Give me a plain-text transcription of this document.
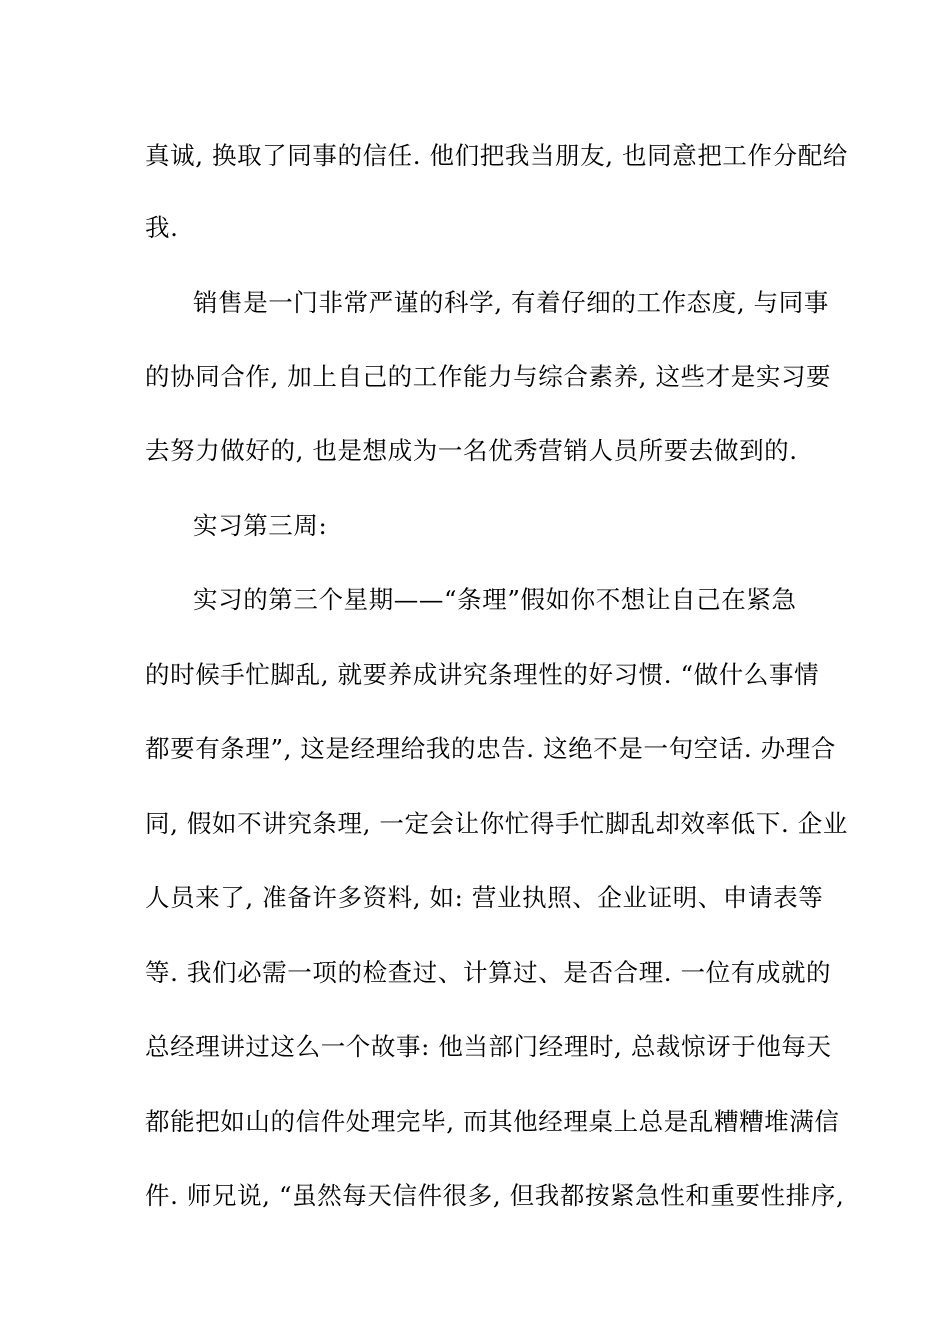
真诚, 换取了同事的信任. 他们把我当朋友, 也同意把工作分配给
我.
销售是一门非常严谨的科学, 有着仔细的工作态度, 与同事
的协同合作, 加上自己的工作能力与综合素养, 这些才是实习要
去努力做好的, 也是想成为一名优秀营销人员所要去做到的.
实习第三周:
实习的第三个星期——“条理”假如你不想让自己在紧急
的时候手忙脚乱, 就要养成讲究条理性的好习惯. “做什么事情
都要有条理”, 这是经理给我的忠告. 这绝不是一句空话. 办理合
同, 假如不讲究条理, 一定会让你忙得手忙脚乱却效率低下. 企业
人员来了, 准备许多资料, 如: 营业执照、企业证明、申请表等
等. 我们必需一项的检查过、计算过、是否合理. 一位有成就的
总经理讲过这么一个故事: 他当部门经理时, 总裁惊讶于他每天
都能把如山的信件处理完毕, 而其他经理桌上总是乱糟糟堆满信
件. 师兄说, “虽然每天信件很多, 但我都按紧急性和重要性排序,
